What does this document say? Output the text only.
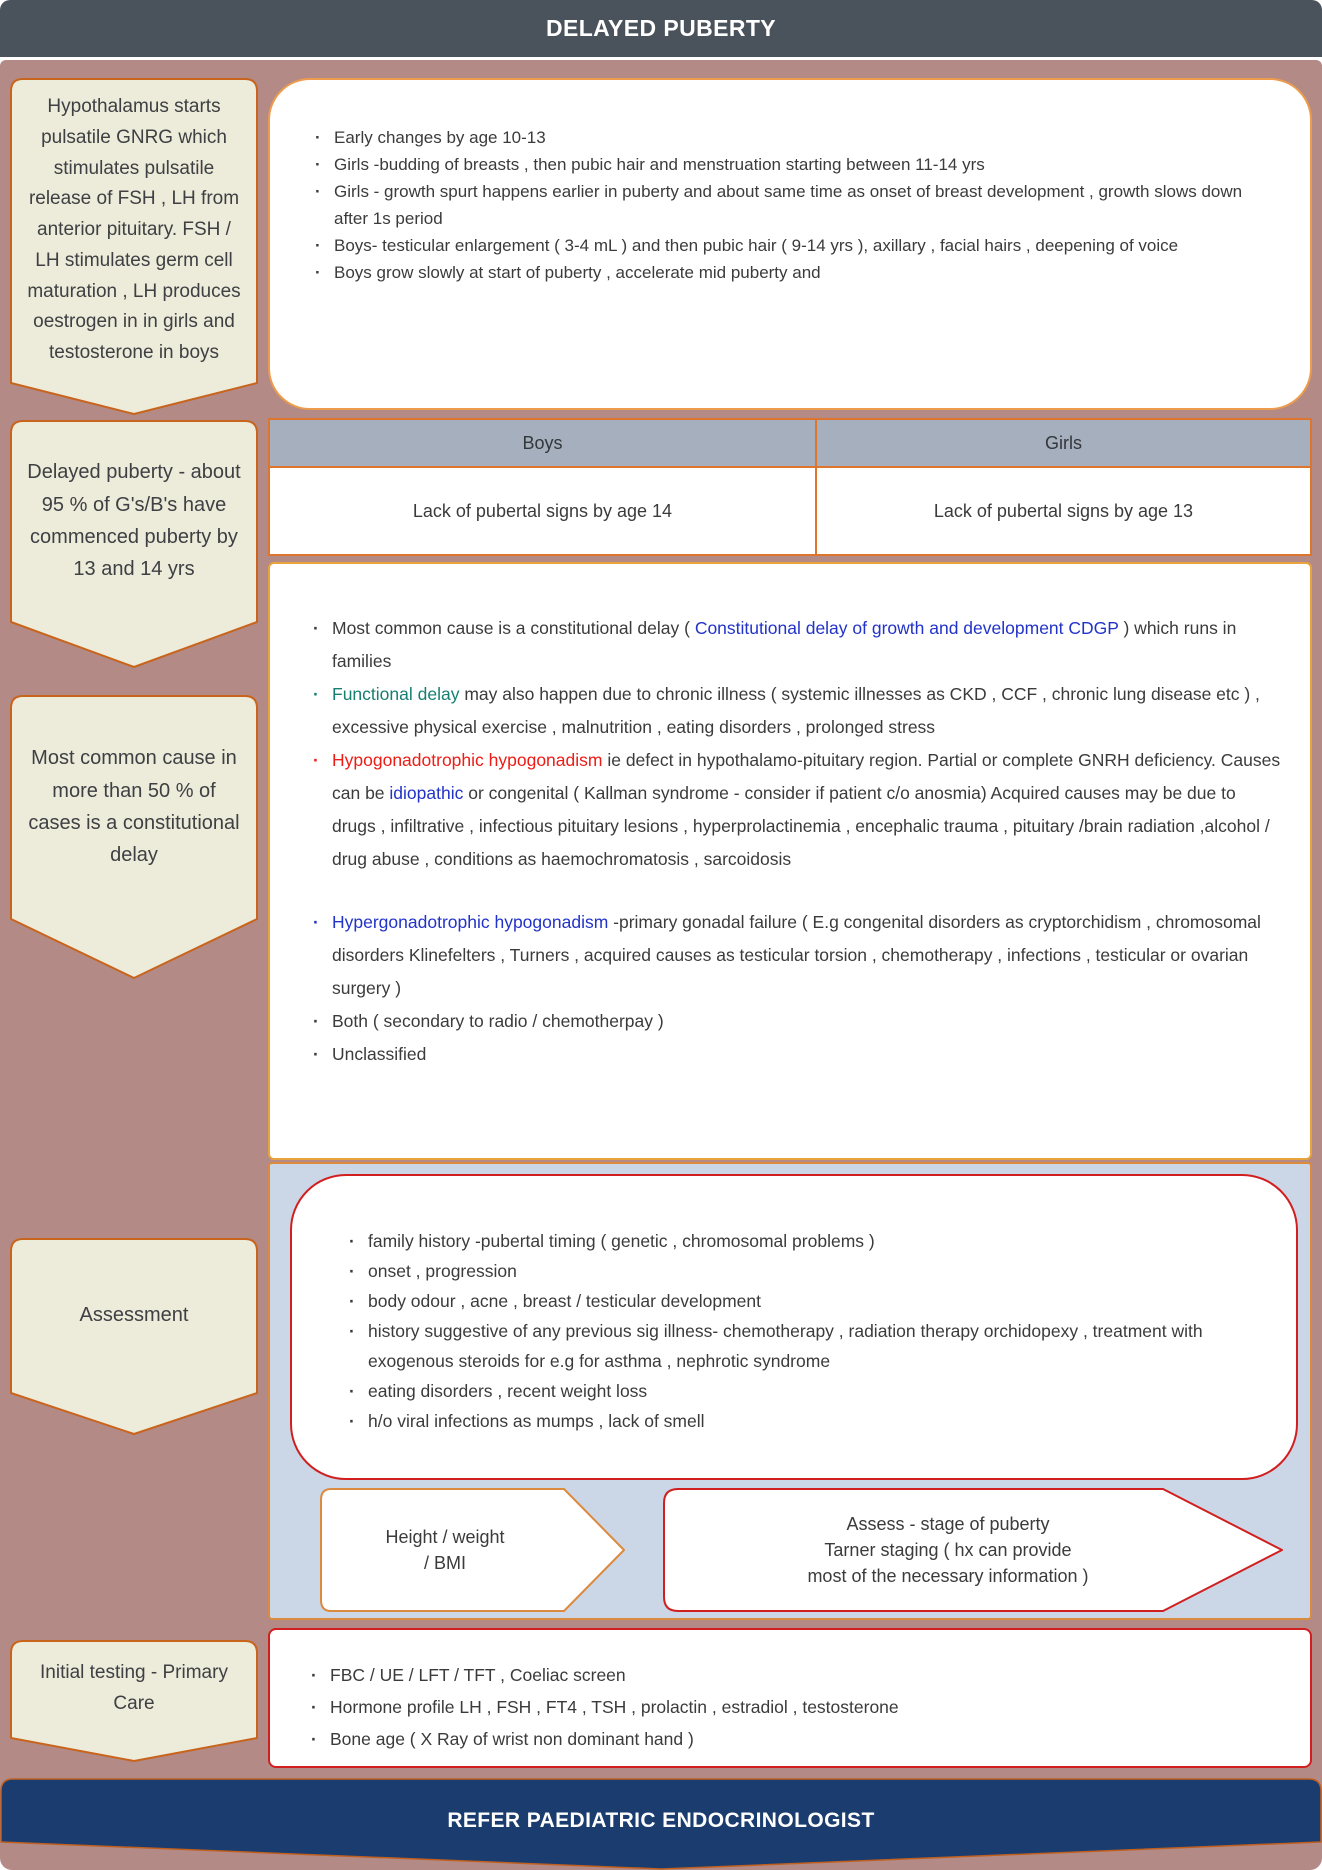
DELAYED PUBERTY
Hypothalamus starts pulsatile GNRG which stimulates pulsatile release of FSH , LH from anterior pituitary. FSH / LH stimulates germ cell maturation , LH produces oestrogen in in girls and testosterone in boys
Delayed puberty - about 95 % of G's/B's have commenced puberty by 13 and 14 yrs
Most common cause in more than 50 % of cases is a constitutional delay
Assessment
Initial testing - Primary Care
· Early changes by age 10-13
· Girls -budding of breasts , then pubic hair and menstruation starting between 11-14 yrs
· Girls - growth spurt happens earlier in puberty and about same time as onset of breast development , growth slows down after 1s period
· Boys- testicular enlargement ( 3-4 mL ) and then pubic hair ( 9-14 yrs ), axillary , facial hairs , deepening of voice
· Boys grow slowly at start of puberty , accelerate mid puberty and
Boys	Girls
Lack of pubertal signs by age 14	Lack of pubertal signs by age 13
· Most common cause is a constitutional delay ( Constitutional delay of growth and development CDGP ) which runs in families
· Functional delay may also happen due to chronic illness ( systemic illnesses as CKD , CCF , chronic lung disease etc ) , excessive physical exercise , malnutrition , eating disorders , prolonged stress
· Hypogonadotrophic hypogonadism ie defect in hypothalamo-pituitary region. Partial or complete GNRH deficiency. Causes can be idiopathic or congenital ( Kallman syndrome - consider if patient c/o anosmia) Acquired causes may be due to drugs , infiltrative , infectious pituitary lesions , hyperprolactinemia , encephalic trauma , pituitary /brain radiation ,alcohol / drug abuse , conditions as haemochromatosis , sarcoidosis
· Hypergonadotrophic hypogonadism -primary gonadal failure ( E.g congenital disorders as cryptorchidism , chromosomal disorders Klinefelters , Turners , acquired causes as testicular torsion , chemotherapy , infections , testicular or ovarian surgery )
· Both ( secondary to radio / chemotherpay )
· Unclassified
· family history -pubertal timing ( genetic , chromosomal problems )
· onset , progression
· body odour , acne , breast / testicular development
· history suggestive of any previous sig illness- chemotherapy , radiation therapy orchidopexy , treatment with exogenous steroids for e.g for asthma , nephrotic syndrome
· eating disorders , recent weight loss
· h/o viral infections as mumps , lack of smell
Height / weight
/ BMI
Assess - stage of puberty
Tarner staging ( hx can provide
most of the necessary information )
· FBC / UE / LFT / TFT , Coeliac screen
· Hormone profile LH , FSH , FT4 , TSH , prolactin , estradiol , testosterone
· Bone age ( X Ray of wrist non dominant hand )
REFER PAEDIATRIC ENDOCRINOLOGIST
